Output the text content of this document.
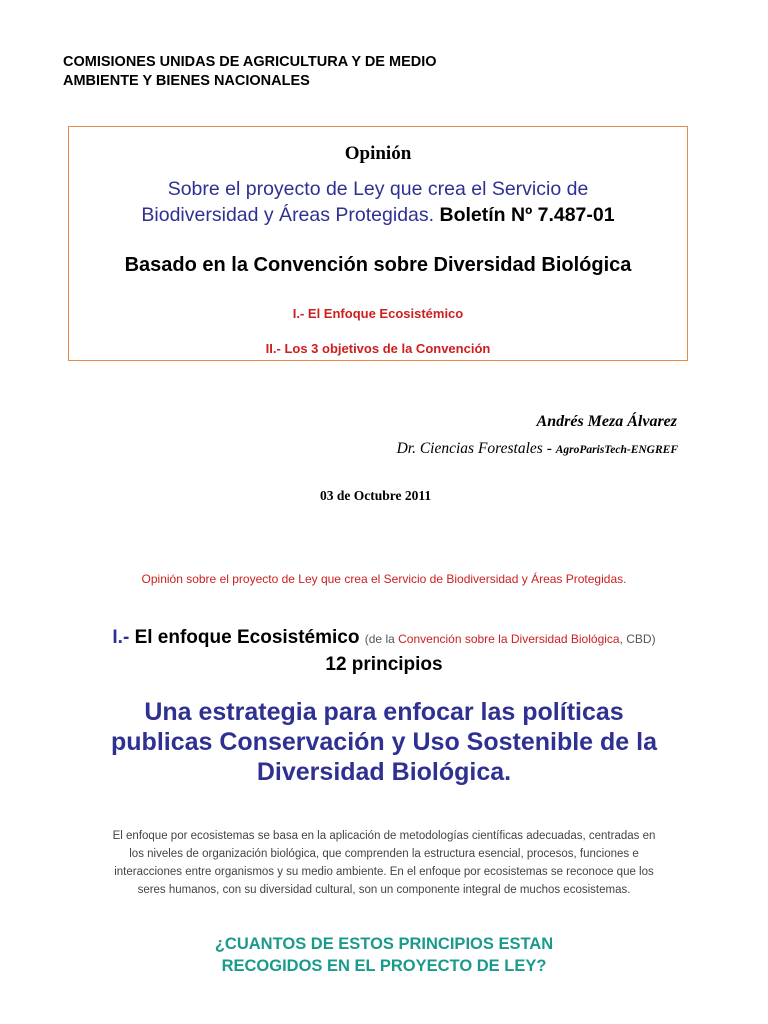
COMISIONES UNIDAS DE AGRICULTURA Y DE MEDIO
AMBIENTE Y BIENES NACIONALES
Opinión
Sobre el proyecto de Ley que crea el Servicio de
Biodiversidad y Áreas Protegidas. Boletín Nº 7.487-01
Basado en la Convención sobre Diversidad Biológica
I.- El Enfoque Ecosistémico
II.- Los 3 objetivos de la Convención
Andrés Meza Álvarez
Dr. Ciencias Forestales - AgroParisTech-ENGREF
03 de Octubre 2011
Opinión sobre el proyecto de Ley que crea el Servicio de Biodiversidad y Áreas Protegidas.
I.- El enfoque Ecosistémico (de la Convención sobre la Diversidad Biológica, CBD)
12 principios
Una estrategia para enfocar las políticas
publicas Conservación y Uso Sostenible de la
Diversidad Biológica.
El enfoque por ecosistemas se basa en la aplicación de metodologías científicas adecuadas, centradas en
los niveles de organización biológica, que comprenden la estructura esencial, procesos, funciones e
interacciones entre organismos y su medio ambiente. En el enfoque por ecosistemas se reconoce que los
seres humanos, con su diversidad cultural, son un componente integral de muchos ecosistemas.
¿CUANTOS DE ESTOS PRINCIPIOS ESTAN
RECOGIDOS EN EL PROYECTO DE LEY?
